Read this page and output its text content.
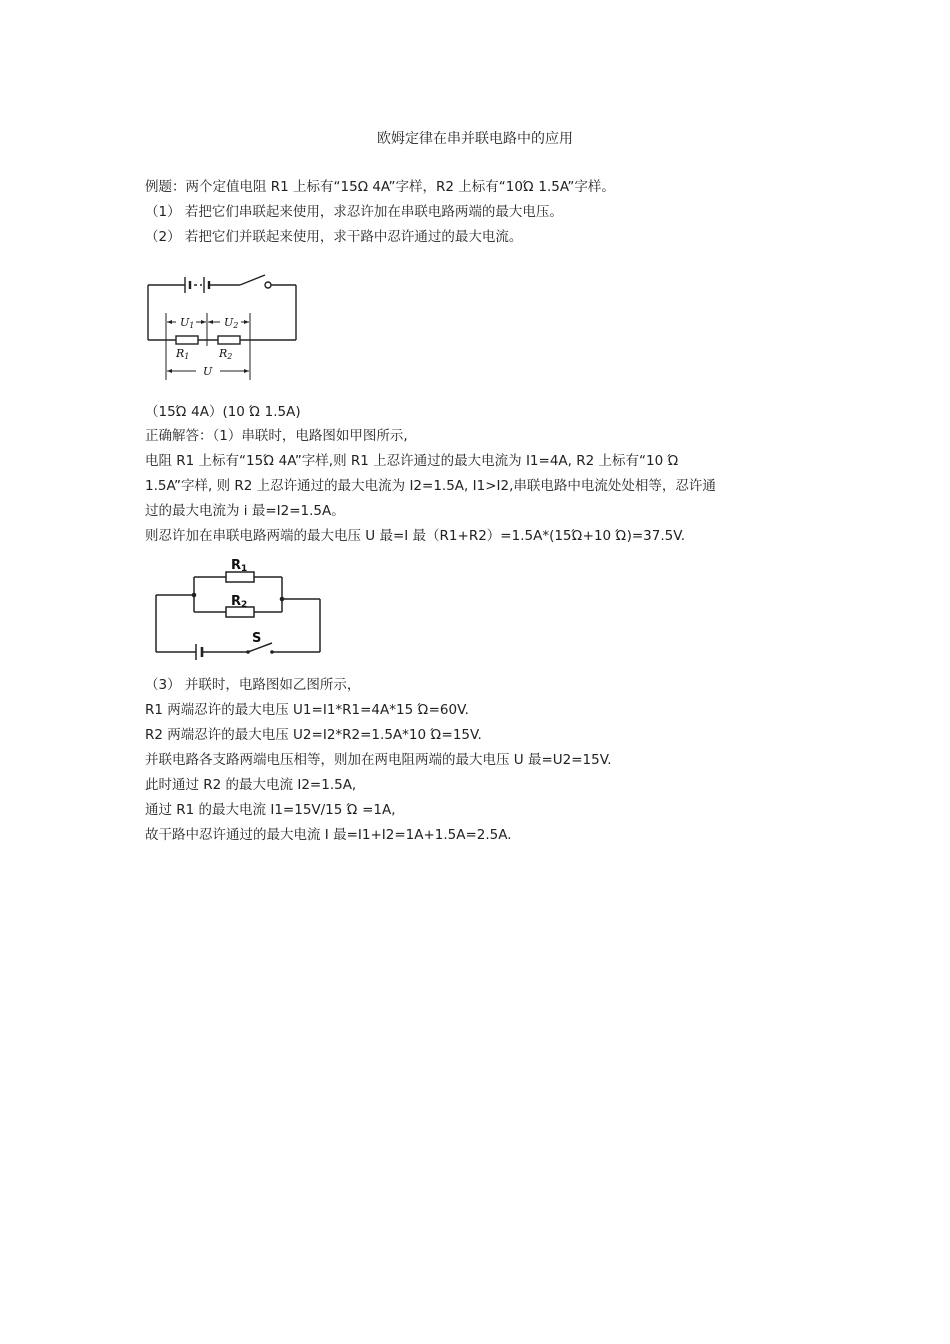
欧姆定律在串并联电路中的应用
例题：两个定值电阻 R1 上标有“15Ω 4A”字样，R2 上标有“10Ώ 1.5A”字样。
（1） 若把它们串联起来使用，求忍许加在串联电路两端的最大电压。
（2） 若把它们并联起来使用，求干路中忍许通过的最大电流。
U1	U2
R1	R2
U
（15Ώ 4A）(10 Ώ 1.5A)
正确解答：（1）串联时，电路图如甲图所示,
电阻 R1 上标有“15Ώ 4A”字样,则 R1 上忍许通过的最大电流为 I1=4A, R2 上标有“10 Ώ
1.5A”字样, 则 R2 上忍许通过的最大电流为 I2=1.5A, I1>I2,串联电路中电流处处相等，忍许通
过的最大电流为 i 最=I2=1.5A。
则忍许加在串联电路两端的最大电压 U 最=I 最（R1+R2）=1.5A*(15Ώ+10 Ώ)=37.5V.
R1
R2
S
（3） 并联时，电路图如乙图所示，
R1 两端忍许的最大电压 U1=I1*R1=4A*15 Ώ=60V.
R2 两端忍许的最大电压 U2=I2*R2=1.5A*10 Ώ=15V.
并联电路各支路两端电压相等，则加在两电阻两端的最大电压 U 最=U2=15V.
此时通过 R2 的最大电流 I2=1.5A,
通过 R1 的最大电流 I1=15V/15 Ώ =1A,
故干路中忍许通过的最大电流 I 最=I1+I2=1A+1.5A=2.5A.
